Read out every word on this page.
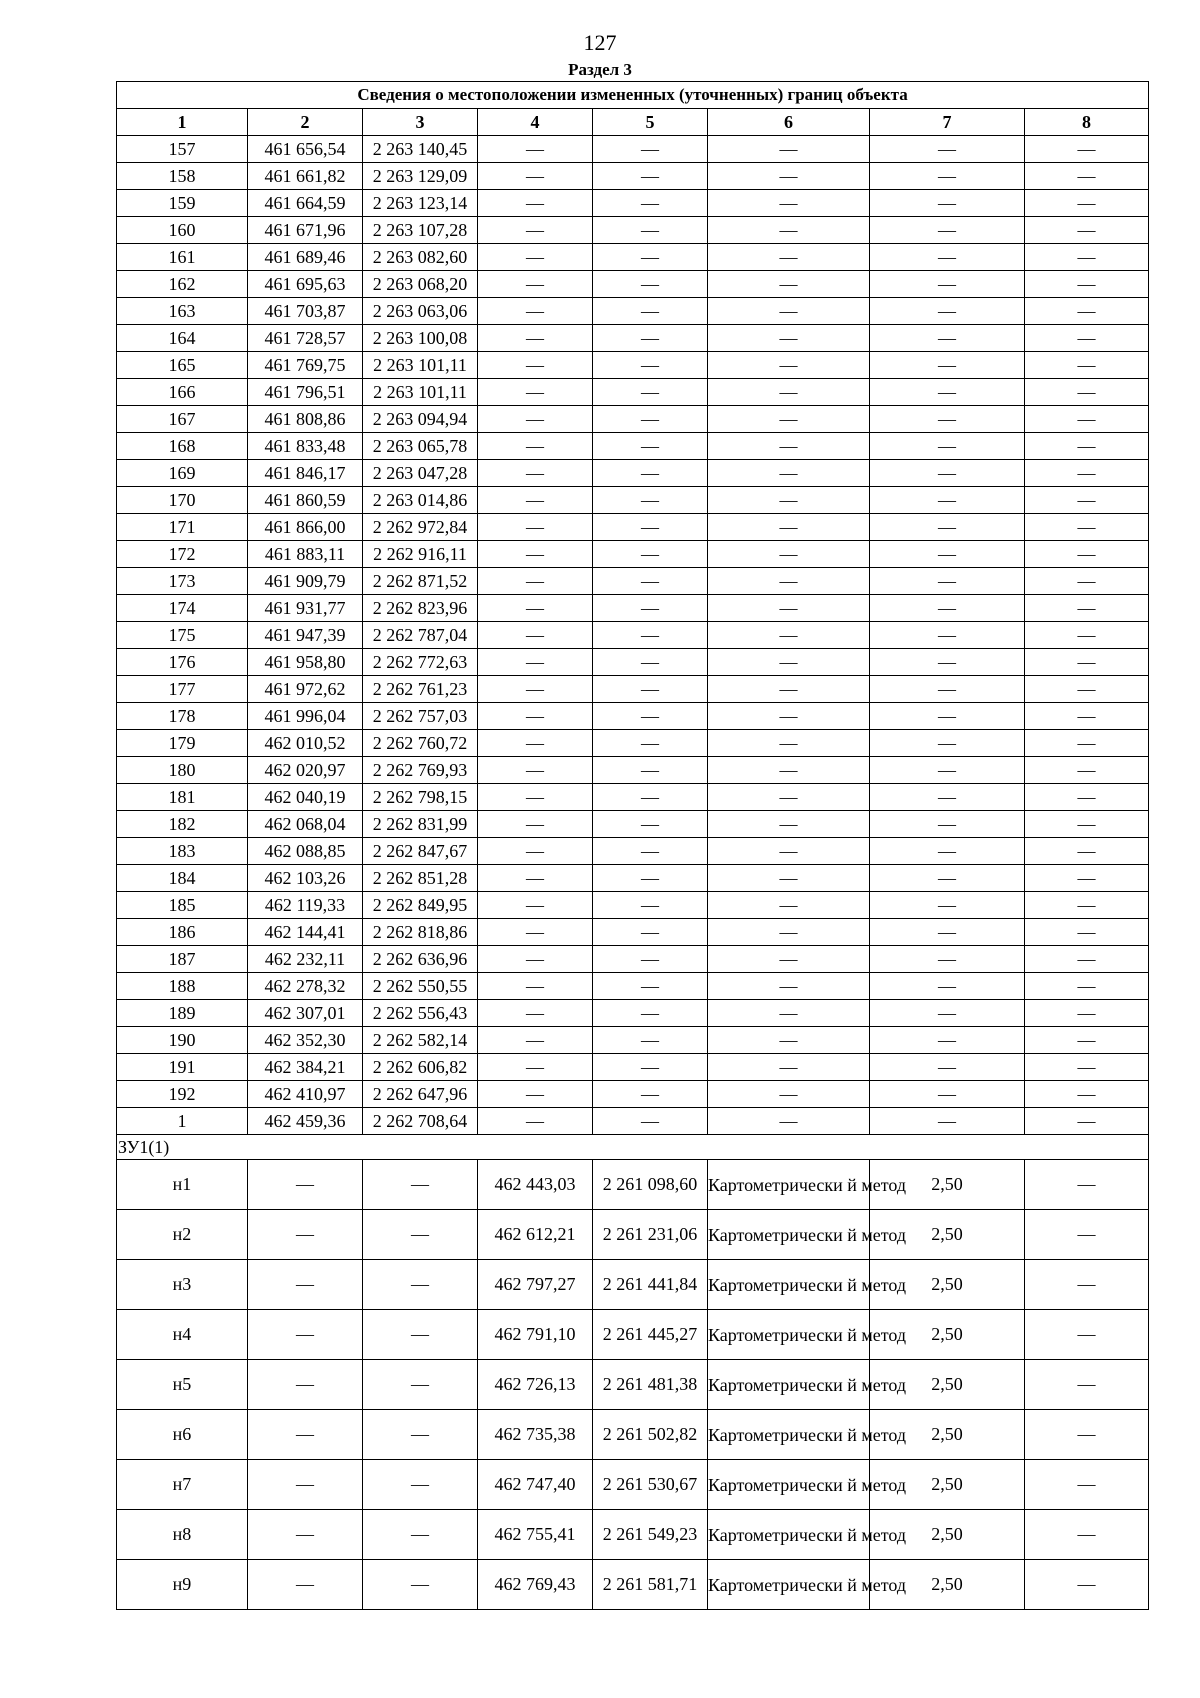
127
Раздел 3
Сведения о местоположении измененных (уточненных) границ объекта							
1	2	3	4	5	6	7	8
157	461 656,54	2 263 140,45	—	—	—	—	—
158	461 661,82	2 263 129,09	—	—	—	—	—
159	461 664,59	2 263 123,14	—	—	—	—	—
160	461 671,96	2 263 107,28	—	—	—	—	—
161	461 689,46	2 263 082,60	—	—	—	—	—
162	461 695,63	2 263 068,20	—	—	—	—	—
163	461 703,87	2 263 063,06	—	—	—	—	—
164	461 728,57	2 263 100,08	—	—	—	—	—
165	461 769,75	2 263 101,11	—	—	—	—	—
166	461 796,51	2 263 101,11	—	—	—	—	—
167	461 808,86	2 263 094,94	—	—	—	—	—
168	461 833,48	2 263 065,78	—	—	—	—	—
169	461 846,17	2 263 047,28	—	—	—	—	—
170	461 860,59	2 263 014,86	—	—	—	—	—
171	461 866,00	2 262 972,84	—	—	—	—	—
172	461 883,11	2 262 916,11	—	—	—	—	—
173	461 909,79	2 262 871,52	—	—	—	—	—
174	461 931,77	2 262 823,96	—	—	—	—	—
175	461 947,39	2 262 787,04	—	—	—	—	—
176	461 958,80	2 262 772,63	—	—	—	—	—
177	461 972,62	2 262 761,23	—	—	—	—	—
178	461 996,04	2 262 757,03	—	—	—	—	—
179	462 010,52	2 262 760,72	—	—	—	—	—
180	462 020,97	2 262 769,93	—	—	—	—	—
181	462 040,19	2 262 798,15	—	—	—	—	—
182	462 068,04	2 262 831,99	—	—	—	—	—
183	462 088,85	2 262 847,67	—	—	—	—	—
184	462 103,26	2 262 851,28	—	—	—	—	—
185	462 119,33	2 262 849,95	—	—	—	—	—
186	462 144,41	2 262 818,86	—	—	—	—	—
187	462 232,11	2 262 636,96	—	—	—	—	—
188	462 278,32	2 262 550,55	—	—	—	—	—
189	462 307,01	2 262 556,43	—	—	—	—	—
190	462 352,30	2 262 582,14	—	—	—	—	—
191	462 384,21	2 262 606,82	—	—	—	—	—
192	462 410,97	2 262 647,96	—	—	—	—	—
1	462 459,36	2 262 708,64	—	—	—	—	—
ЗУ1(1)							
н1	—	—	462 443,03	2 261 098,60	Картометрически й метод	2,50	—
н2	—	—	462 612,21	2 261 231,06	Картометрически й метод	2,50	—
н3	—	—	462 797,27	2 261 441,84	Картометрически й метод	2,50	—
н4	—	—	462 791,10	2 261 445,27	Картометрически й метод	2,50	—
н5	—	—	462 726,13	2 261 481,38	Картометрически й метод	2,50	—
н6	—	—	462 735,38	2 261 502,82	Картометрически й метод	2,50	—
н7	—	—	462 747,40	2 261 530,67	Картометрически й метод	2,50	—
н8	—	—	462 755,41	2 261 549,23	Картометрически й метод	2,50	—
н9	—	—	462 769,43	2 261 581,71	Картометрически й метод	2,50	—
